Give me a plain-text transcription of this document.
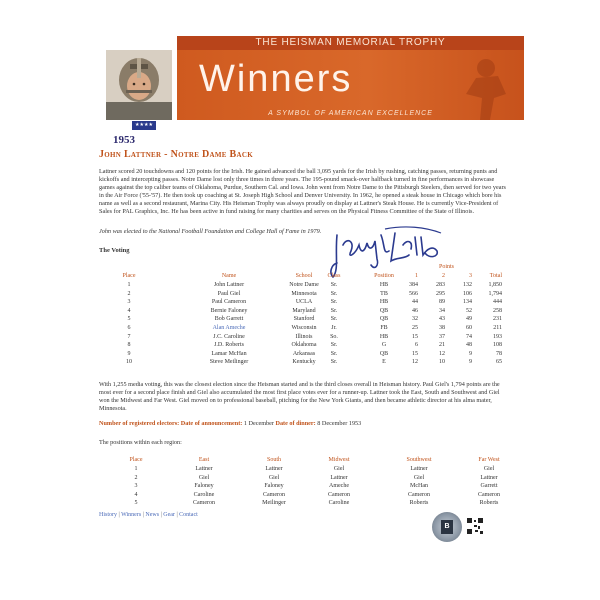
★★★★
THE HEISMAN MEMORIAL TROPHY
Winners
A SYMBOL OF AMERICAN EXCELLENCE
1953
John Lattner - Notre Dame Back
Lattner scored 20 touchdowns and 120 points for the Irish. He gained advanced the ball 3,095 yards for the Irish by rushing, catching passes, returning punts and kickoffs and intercepting passes. Notre Dame lost only three times in three years. The 195-pound smack-over halfback turned in fine performances in showcase games against the top caliber teams of Oklahoma, Purdue, Southern Cal. and Iowa. John went from Notre Dame to the Pittsburgh Steelers, then served for two years in the Air Force ('55-'57). He then took up coaching at St. Joseph High School and Denver University. In 1962, he opened a steak house in Chicago which bore his name as well as a second restaurant, Marina City. His Heisman Trophy was always proudly on display at Lattner's Steak House. He is currently Vice-President of Sales for PAL Graphics, Inc. He has been active in fund raising for many charities and serves on the Physical Fitness Committee of the State of Illinois.
John was elected to the National Football Foundation and College Hall of Fame in 1979.
The Voting
Points
Place	Name	School	Class	Position	1	2	3	Total
1	John Lattner	Notre Dame	Sr.	HB	384	283	132	1,850
2	Paul Giel	Minnesota	Sr.	TB	566	295	106	1,794
3	Paul Cameron	UCLA	Sr.	HB	44	89	134	444
4	Bernie Faloney	Maryland	Sr.	QB	46	34	52	258
5	Bob Garrett	Stanford	Sr.	QB	32	43	49	231
6	Alan Ameche	Wisconsin	Jr.	FB	25	38	60	211
7	J.C. Caroline	Illinois	So.	HB	15	37	74	193
8	J.D. Roberts	Oklahoma	Sr.	G	6	21	48	108
9	Lamar McHan	Arkansas	Sr.	QB	15	12	9	78
10	Steve Meilinger	Kentucky	Sr.	E	12	10	9	65
With 1,255 media voting, this was the closest election since the Heisman started and is the third closes overall in Heisman history. Paul Giel's 1,794 points are the most ever for a second place finish and Giel also accumulated the most first place votes ever for a runner-up. Lattner took the East, South and Southwest and Giel won the Midwest and Far West. Giel moved on to professional baseball, pitching for the New York Giants, and then became athletic director at his alma mater, Minnesota.
Number of registered electors: Date of announcement: 1 December Date of dinner: 8 December 1953
The positions within each region:
Place	East	South	Midwest	Southwest	Far West
1	Lattner	Lattner	Giel	Lattner	Giel
2	Giel	Giel	Lattner	Giel	Lattner
3	Faloney	Faloney	Ameche	McHan	Garrett
4	Caroline	Cameron	Cameron	Cameron	Cameron
5	Cameron	Meilinger	Caroline	Roberts	Roberts
History | Winners | News | Gear | Contact
B
